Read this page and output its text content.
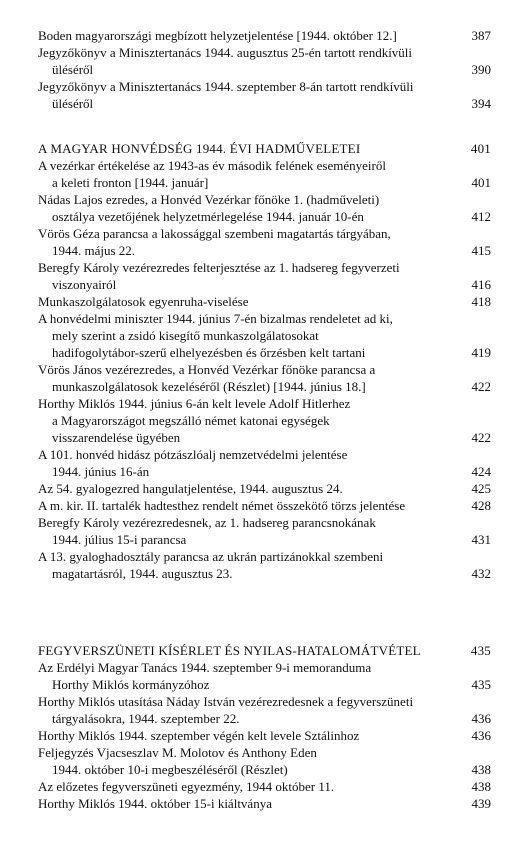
Boden magyarországi megbízott helyzetjelentése [1944. október 12.]	387
Jegyzőkönyv a Minisztertanács 1944. augusztus 25-én tartott rendkívüli
üléséről	390
Jegyzőkönyv a Minisztertanács 1944. szeptember 8-án tartott rendkívüli
üléséről	394
A MAGYAR HONVÉDSÉG 1944. ÉVI HADMŰVELETEI	401
A vezérkar értékelése az 1943-as év második felének eseményeiről
a keleti fronton [1944. január]	401
Nádas Lajos ezredes, a Honvéd Vezérkar főnöke 1. (hadműveleti)
osztálya vezetőjének helyzetmérlegelése 1944. január 10-én	412
Vörös Géza parancsa a lakossággal szembeni magatartás tárgyában,
1944. május 22.	415
Beregfy Károly vezérezredes felterjesztése az 1. hadsereg fegyverzeti
viszonyairól	416
Munkaszolgálatosok egyenruha-viselése	418
A honvédelmi miniszter 1944. június 7-én bizalmas rendeletet ad ki,
mely szerint a zsidó kisegítő munkaszolgálatosokat
hadifogolytábor-szerű elhelyezésben és őrzésben kelt tartani	419
Vörös János vezérezredes, a Honvéd Vezérkar főnöke parancsa a
munkaszolgálatosok kezeléséről (Részlet) [1944. június 18.]	422
Horthy Miklós 1944. június 6-án kelt levele Adolf Hitlerhez
a Magyarországot megszálló német katonai egységek
visszarendelése ügyében	422
A 101. honvéd hidász pótzászlóalj nemzetvédelmi jelentése
1944. június 16-án	424
Az 54. gyalogezred hangulatjelentése, 1944. augusztus 24.	425
A m. kir. II. tartalék hadtesthez rendelt német összekötő törzs jelentése	428
Beregfy Károly vezérezredesnek, az 1. hadsereg parancsnokának
1944. július 15-i parancsa	431
A 13. gyaloghadosztály parancsa az ukrán partizánokkal szembeni
magatartásról, 1944. augusztus 23.	432
FEGYVERSZÜNETI KÍSÉRLET ÉS NYILAS-HATALOMÁTVÉTEL	435
Az Erdélyi Magyar Tanács 1944. szeptember 9-i memoranduma
Horthy Miklós kormányzóhoz	435
Horthy Miklós utasítása Náday István vezérezredesnek a fegyverszüneti
tárgyalásokra, 1944. szeptember 22.	436
Horthy Miklós 1944. szeptember végén kelt levele Sztálinhoz	436
Feljegyzés Vjacseszlav M. Molotov és Anthony Eden
1944. október 10-i megbeszéléséről (Részlet)	438
Az előzetes fegyverszüneti egyezmény, 1944 október 11.	438
Horthy Miklós 1944. október 15-i kiáltványa	439
